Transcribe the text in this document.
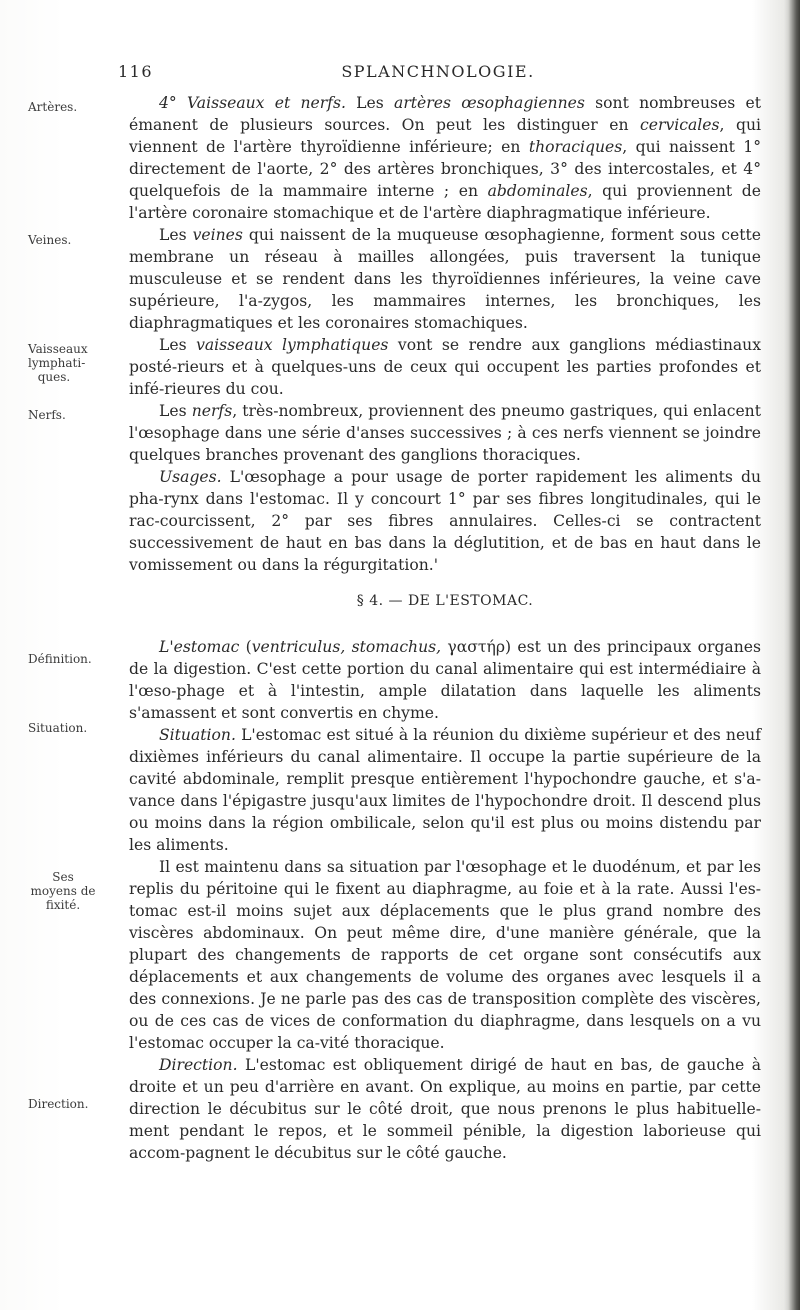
116	SPLANCHNOLOGIE.
Artères.
Veines.
Vaisseaux lymphati-ques.
Nerfs.
Définition.
Situation.
Ses moyens de fixité.
Direction.

4° Vaisseaux et nerfs. Les artères œsophagiennes sont nombreuses et émanent de plusieurs sources. On peut les distinguer en cervicales, qui viennent de l'artère thyroïdienne inférieure; en thoraciques, qui naissent 1° directement de l'aorte, 2° des artères bronchiques, 3° des intercostales, et 4° quelquefois de la mammaire interne ; en abdominales, qui proviennent de l'artère coronaire stomachique et de l'artère diaphragmatique inférieure.

Les veines qui naissent de la muqueuse œsophagienne, forment sous cette membrane un réseau à mailles allongées, puis traversent la tunique musculeuse et se rendent dans les thyroïdiennes inférieures, la veine cave supérieure, l'a-zygos, les mammaires internes, les bronchiques, les diaphragmatiques et les coronaires stomachiques.

Les vaisseaux lymphatiques vont se rendre aux ganglions médiastinaux posté-rieurs et à quelques-uns de ceux qui occupent les parties profondes et infé-rieures du cou.

Les nerfs, très-nombreux, proviennent des pneumo gastriques, qui enlacent l'œsophage dans une série d'anses successives ; à ces nerfs viennent se joindre quelques branches provenant des ganglions thoraciques.

Usages. L'œsophage a pour usage de porter rapidement les aliments du pha-rynx dans l'estomac. Il y concourt 1° par ses fibres longitudinales, qui le rac-courcissent, 2° par ses fibres annulaires. Celles-ci se contractent successivement de haut en bas dans la déglutition, et de bas en haut dans le vomissement ou dans la régurgitation.'

§ 4. — DE L'ESTOMAC.

L'estomac (ventriculus, stomachus, γαστήρ) est un des principaux organes de la digestion. C'est cette portion du canal alimentaire qui est intermédiaire à l'œso-phage et à l'intestin, ample dilatation dans laquelle les aliments s'amassent et sont convertis en chyme.

Situation. L'estomac est situé à la réunion du dixième supérieur et des neuf dixièmes inférieurs du canal alimentaire. Il occupe la partie supérieure de la cavité abdominale, remplit presque entièrement l'hypochondre gauche, et s'a-vance dans l'épigastre jusqu'aux limites de l'hypochondre droit. Il descend plus ou moins dans la région ombilicale, selon qu'il est plus ou moins distendu par les aliments.

Il est maintenu dans sa situation par l'œsophage et le duodénum, et par les replis du péritoine qui le fixent au diaphragme, au foie et à la rate. Aussi l'es-tomac est-il moins sujet aux déplacements que le plus grand nombre des viscères abdominaux. On peut même dire, d'une manière générale, que la plupart des changements de rapports de cet organe sont consécutifs aux déplacements et aux changements de volume des organes avec lesquels il a des connexions. Je ne parle pas des cas de transposition complète des viscères, ou de ces cas de vices de conformation du diaphragme, dans lesquels on a vu l'estomac occuper la ca-vité thoracique.

Direction. L'estomac est obliquement dirigé de haut en bas, de gauche à droite et un peu d'arrière en avant. On explique, au moins en partie, par cette direction le décubitus sur le côté droit, que nous prenons le plus habituelle-ment pendant le repos, et le sommeil pénible, la digestion laborieuse qui accom-pagnent le décubitus sur le côté gauche.
